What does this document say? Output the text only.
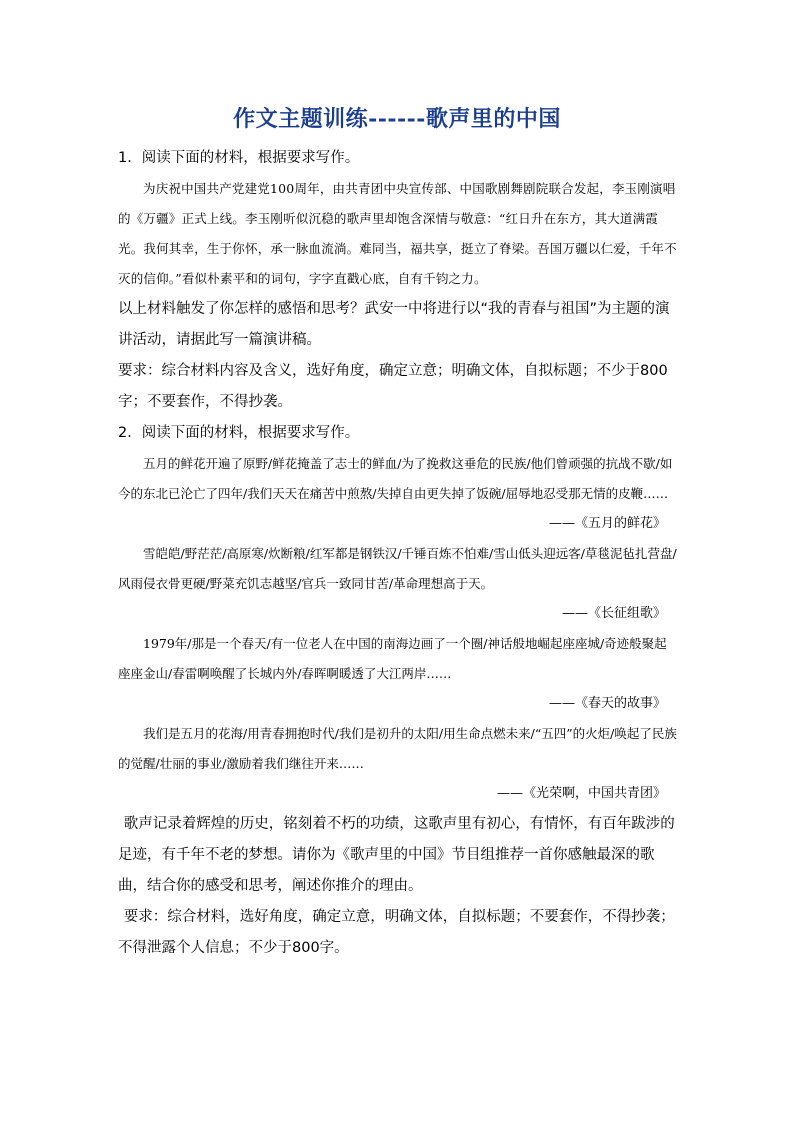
作文主题训练------歌声里的中国

1．阅读下面的材料，根据要求写作。

为庆祝中国共产党建党100周年，由共青团中央宣传部、中国歌剧舞剧院联合发起，李玉刚演唱的《万疆》正式上线。李玉刚听似沉稳的歌声里却饱含深情与敬意：“红日升在东方，其大道满霞光。我何其幸，生于你怀，承一脉血流淌。难同当，福共享，挺立了脊梁。吾国万疆以仁爱，千年不灭的信仰。”看似朴素平和的词句，字字直戳心底，自有千钧之力。

以上材料触发了你怎样的感悟和思考？武安一中将进行以“我的青春与祖国”为主题的演讲活动，请据此写一篇演讲稿。

要求：综合材料内容及含义，选好角度，确定立意；明确文体，自拟标题；不少于800字；不要套作，不得抄袭。

2．阅读下面的材料，根据要求写作。

五月的鲜花开遍了原野/鲜花掩盖了志士的鲜血/为了挽救这垂危的民族/他们曾顽强的抗战不歇/如今的东北已沦亡了四年/我们天天在痛苦中煎熬/失掉自由更失掉了饭碗/屈辱地忍受那无情的皮鞭……

——《五月的鲜花》

雪皑皑/野茫茫/高原寒/炊断粮/红军都是钢铁汉/千锤百炼不怕难/雪山低头迎远客/草毯泥毡扎营盘/风雨侵衣骨更硬/野菜充饥志越坚/官兵一致同甘苦/革命理想高于天。

——《长征组歌》

1979年/那是一个春天/有一位老人在中国的南海边画了一个圈/神话般地崛起座座城/奇迹般聚起座座金山/春雷啊唤醒了长城内外/春晖啊暖透了大江两岸……

——《春天的故事》

我们是五月的花海/用青春拥抱时代/我们是初升的太阳/用生命点燃未来/“五四”的火炬/唤起了民族的觉醒/壮丽的事业/激励着我们继往开来……

——《光荣啊，中国共青团》

歌声记录着辉煌的历史，铭刻着不朽的功绩，这歌声里有初心，有情怀，有百年跋涉的足迹，有千年不老的梦想。请你为《歌声里的中国》节目组推荐一首你感触最深的歌曲，结合你的感受和思考，阐述你推介的理由。

要求：综合材料，选好角度，确定立意，明确文体，自拟标题；不要套作，不得抄袭；不得泄露个人信息；不少于800字。
